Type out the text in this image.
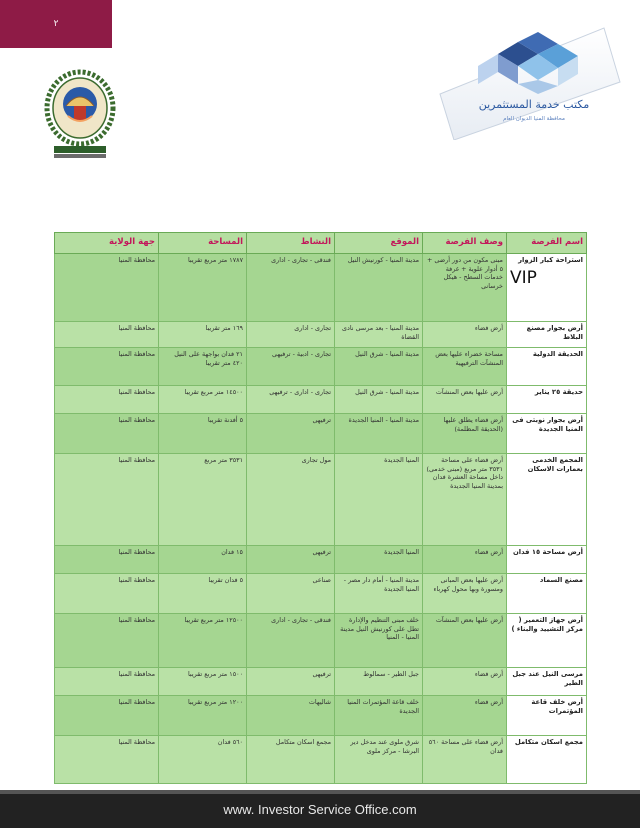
٢
مكتب خدمة المستثمرين
محافظة المنيا الديوان العام
اسم الفرصة	وصف الفرصة	الموقع	النشاط	المساحة	جهة الولاية
استراحة كبار الزوار
VIP	مبنى مكون من دور أرضى + ٥ أدوار علوية + غرفة خدمات السطح - هيكل خرسانى	مدينة المنيا - كورنيش النيل	فندقى - تجارى - ادارى	١٧٨٧ متر مربع تقريبا	محافظة المنيا
أرض بجوار مصنع البلاط	أرض فضاء	مدينة المنيا - بعد مرسى نادى القضاة	تجارى - ادارى	١٦٩ متر تقريبا	محافظة المنيا
الحديقة الدولية	مساحة خضراء عليها بعض المنشآت الترفيهية	مدينة المنيا - شرق النيل	تجارى - ادبية - ترفيهى	٢١ فدان بواجهة على النيل ٤٢٠ متر تقريبا	محافظة المنيا
حديقة ٢٥ يناير	أرض عليها بعض المنشآت	مدينة المنيا - شرق النيل	تجارى - ادارى - ترفيهى	١٤٥٠٠ متر مربع تقريبا	محافظة المنيا
أرض بجوار نوبتى فى المنيا الجديدة	أرض فضاء يطلق عليها (الحديقة المظلمة)	مدينة المنيا - المنيا الجديدة	ترفيهى	٥ أفدنة تقريبا	محافظة المنيا
المجمع الخدمى بعمارات الاسكان	أرض فضاء على مساحة ٣٥٣١ متر مربع (مبنى خدمى) داخل مساحة العشرة فدان بمدينة المنيا الجديدة	المنيا الجديدة	مول تجارى	٣٥٣١ متر مربع	محافظة المنيا
أرض مساحة ١٥ فدان	أرض فضاء	المنيا الجديدة	ترفيهى	١٥ فدان	محافظة المنيا
مصنع السماد	أرض عليها بعض المبانى ومسورة وبها محول كهرباء	مدينة المنيا - أمام دار مصر - المنيا الجديدة	صناعى	٥ فدان تقريبا	محافظة المنيا
أرض جهاز التعمير ( مركز التشييد والبناء )	أرض عليها بعض المنشآت	خلف مبنى التنظيم والإدارة تطل على كورنيش النيل مدينة المنيا - المنيا	فندقى - تجارى - ادارى	١٢٥٠٠ متر مربع تقريبا	محافظة المنيا
مرسى النيل عند جبل الطير	أرض فضاء	جبل الطير - سمالوط	ترفيهى	١٥٠٠ متر مربع تقريبا	محافظة المنيا
أرض خلف قاعة المؤتمرات	أرض فضاء	خلف قاعة المؤتمرات المنيا الجديدة	شاليهات	١٢٠٠ متر مربع تقريبا	محافظة المنيا
مجمع اسكان متكامل	أرض فضاء على مساحة ٥٦٠ فدان	شرق ملوى عند مدخل دير البرشا - مركز ملوى	مجمع اسكان متكامل	٥٦٠ فدان	محافظة المنيا
www. Investor Service Office.com
